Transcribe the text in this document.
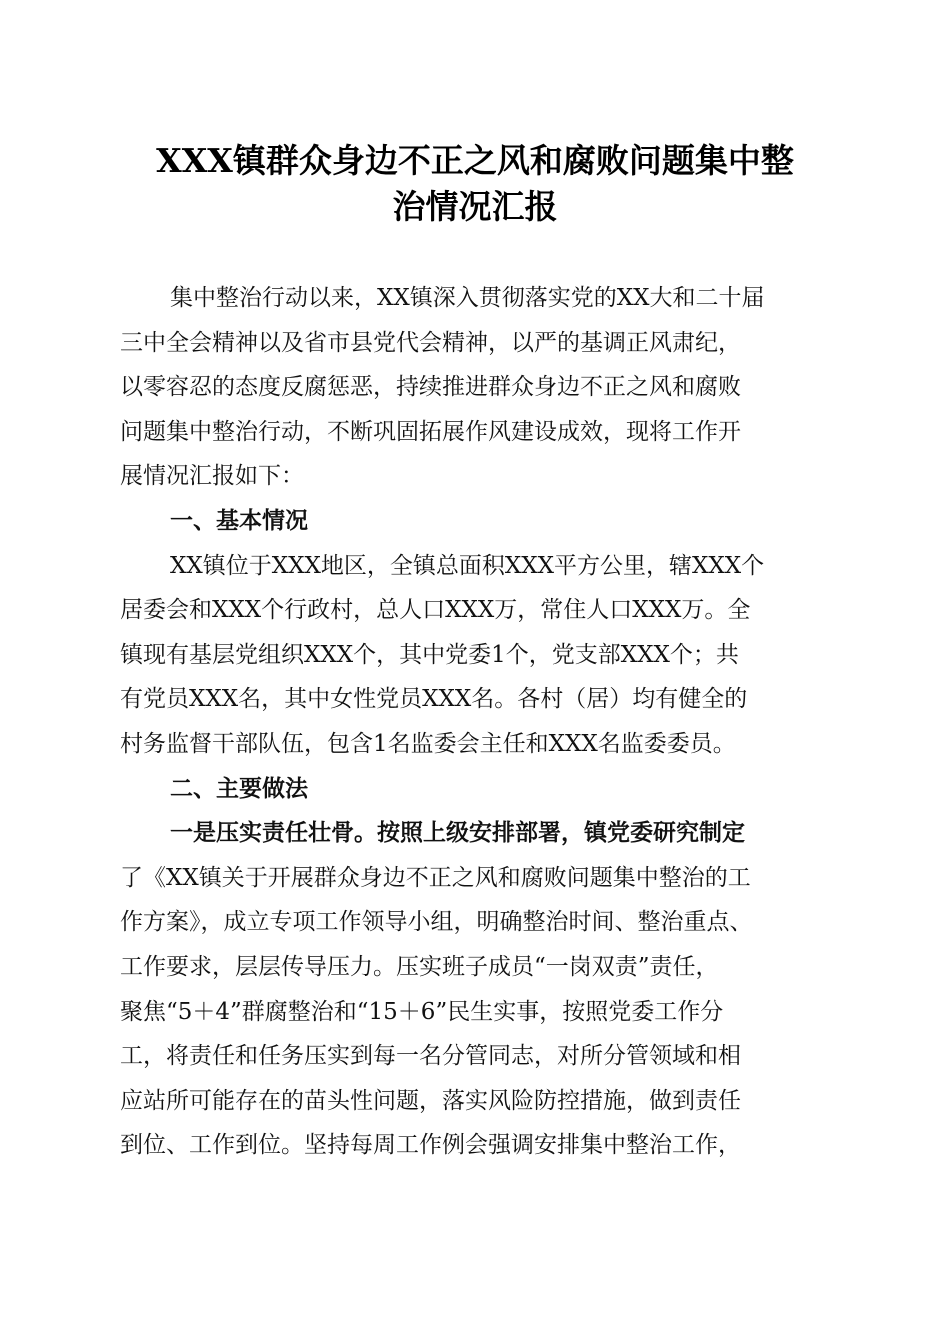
XXX镇群众身边不正之风和腐败问题集中整
治情况汇报
集中整治行动以来，XX镇深入贯彻落实党的XX大和二十届
三中全会精神以及省市县党代会精神，以严的基调正风肃纪，
以零容忍的态度反腐惩恶，持续推进群众身边不正之风和腐败
问题集中整治行动，不断巩固拓展作风建设成效，现将工作开
展情况汇报如下：
一、基本情况
XX镇位于XXX地区，全镇总面积XXX平方公里，辖XXX个
居委会和XXX个行政村，总人口XXX万，常住人口XXX万。全
镇现有基层党组织XXX个，其中党委1个，党支部XXX个；共
有党员XXX名，其中女性党员XXX名。各村（居）均有健全的
村务监督干部队伍，包含1名监委会主任和XXX名监委委员。
二、主要做法
一是压实责任壮骨。按照上级安排部署，镇党委研究制定
了《XX镇关于开展群众身边不正之风和腐败问题集中整治的工
作方案》，成立专项工作领导小组，明确整治时间、整治重点、
工作要求，层层传导压力。压实班子成员“一岗双责”责任，
聚焦“5＋4”群腐整治和“15＋6”民生实事，按照党委工作分
工，将责任和任务压实到每一名分管同志，对所分管领域和相
应站所可能存在的苗头性问题，落实风险防控措施，做到责任
到位、工作到位。坚持每周工作例会强调安排集中整治工作，
